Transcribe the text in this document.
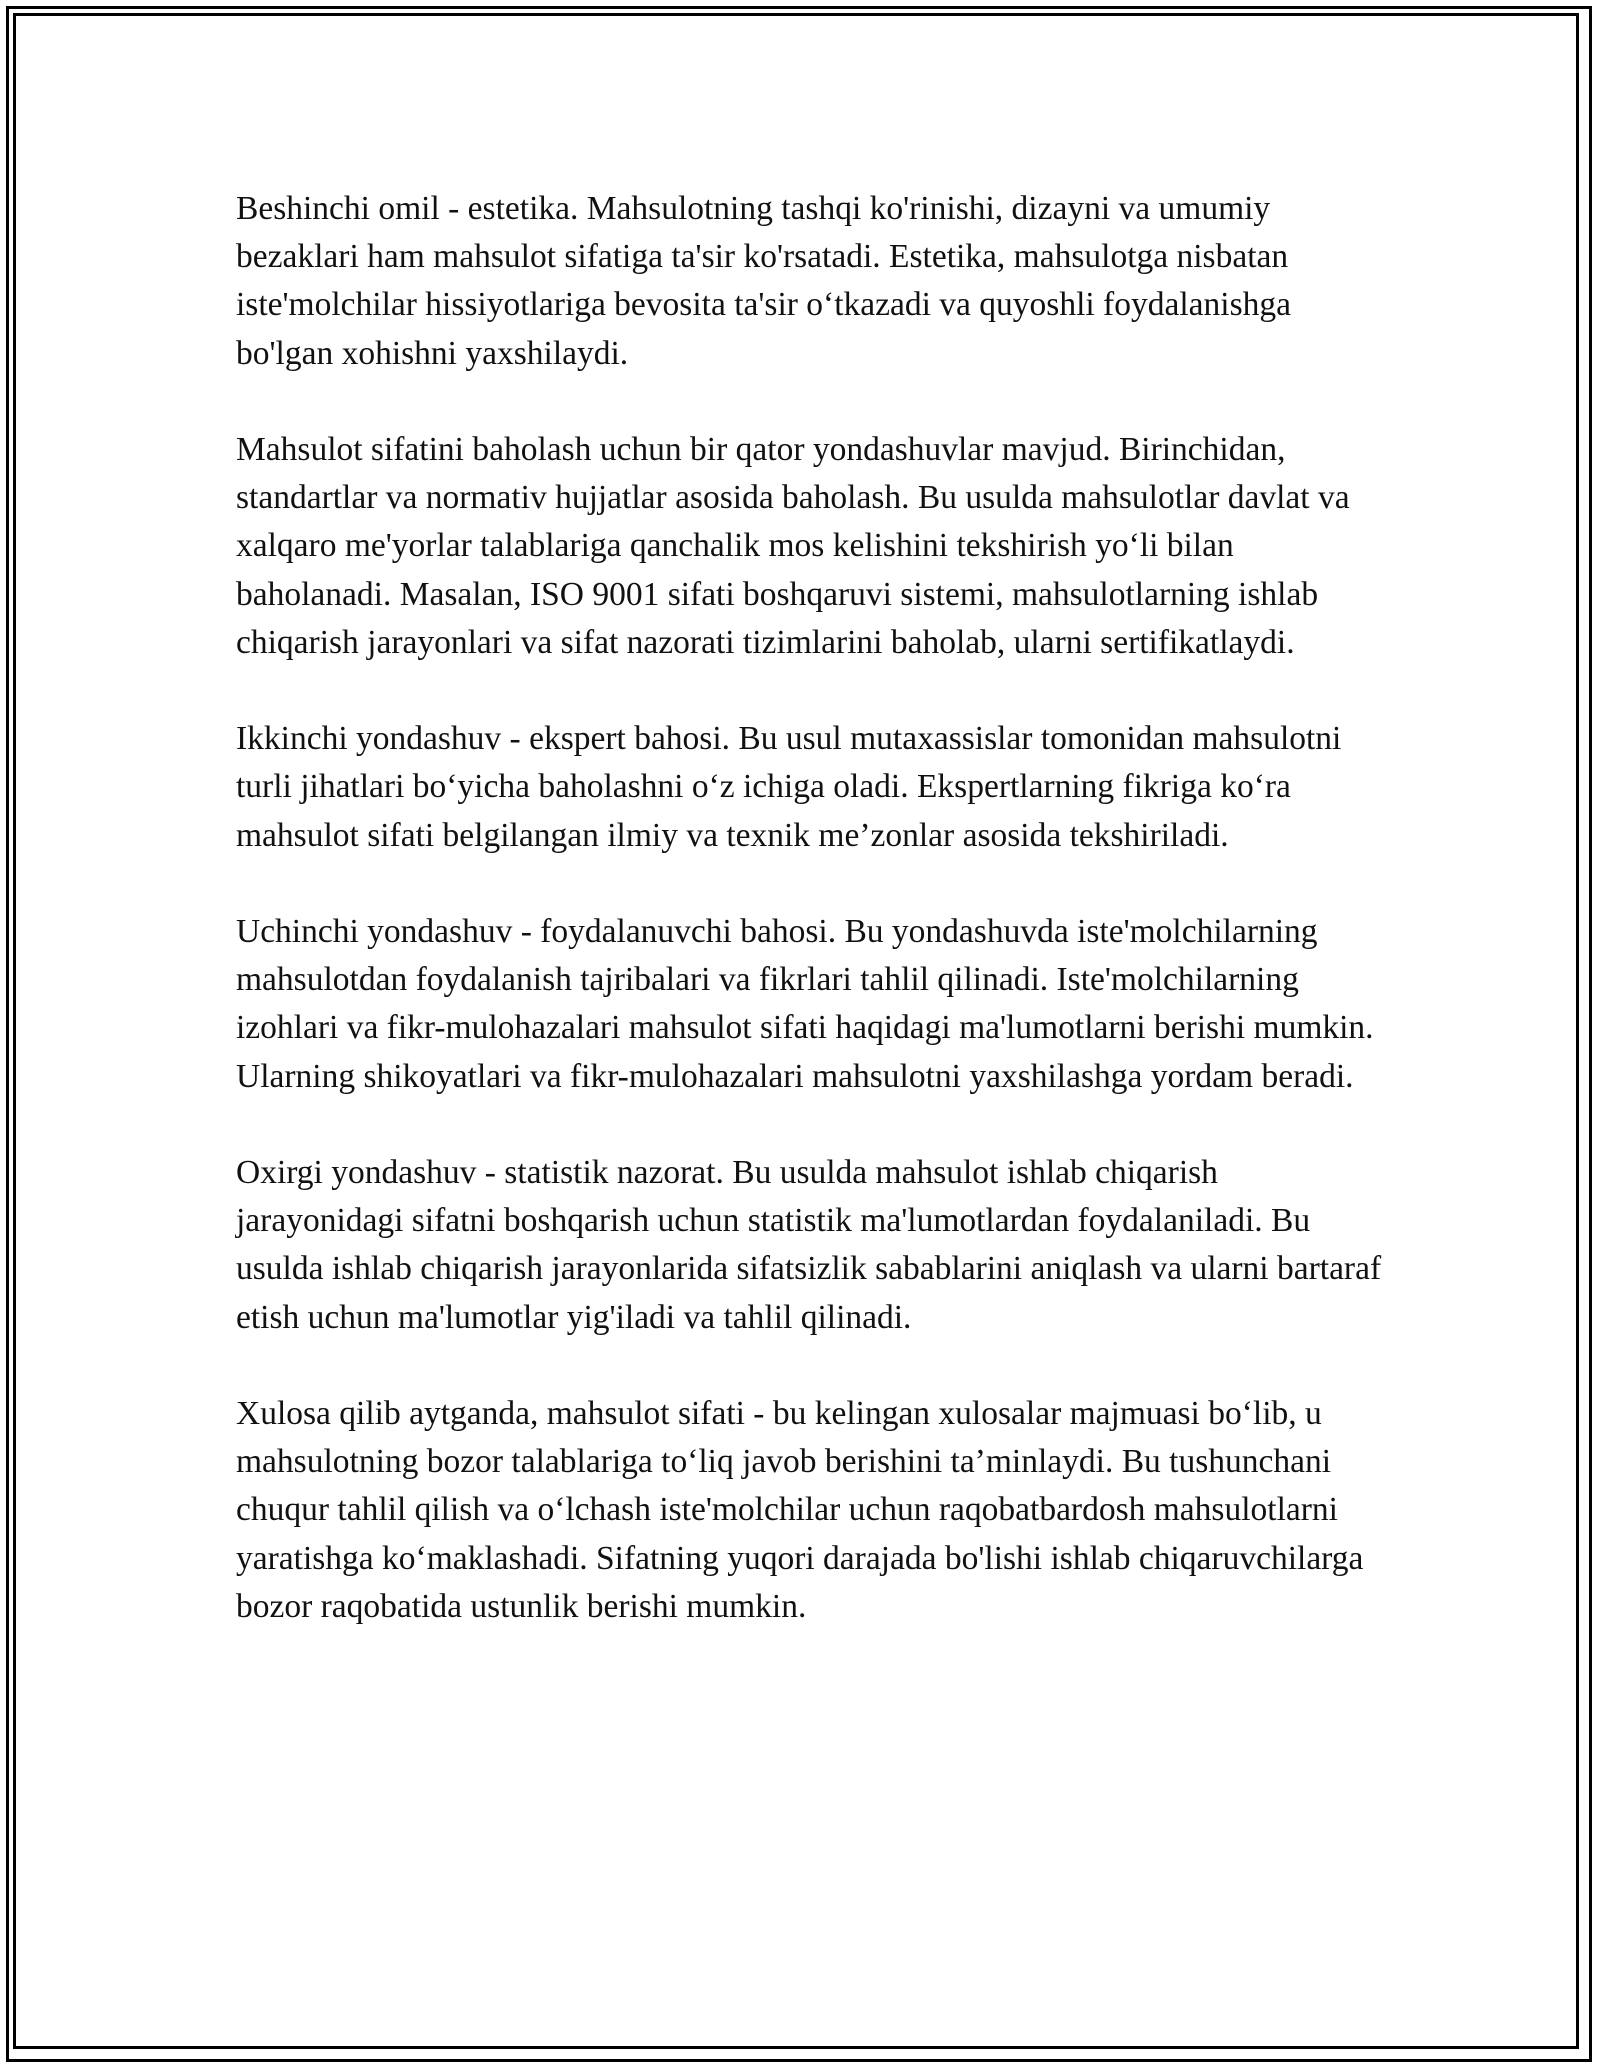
Beshinchi omil - estetika. Mahsulotning tashqi ko'rinishi, dizayni va umumiy bezaklari ham mahsulot sifatiga ta'sir ko'rsatadi. Estetika, mahsulotga nisbatan iste'molchilar hissiyotlariga bevosita ta'sir o‘tkazadi va quyoshli foydalanishga bo'lgan xohishni yaxshilaydi.

Mahsulot sifatini baholash uchun bir qator yondashuvlar mavjud. Birinchidan, standartlar va normativ hujjatlar asosida baholash. Bu usulda mahsulotlar davlat va xalqaro me'yorlar talablariga qanchalik mos kelishini tekshirish yo‘li bilan baholanadi. Masalan, ISO 9001 sifati boshqaruvi sistemi, mahsulotlarning ishlab chiqarish jarayonlari va sifat nazorati tizimlarini baholab, ularni sertifikatlaydi.

Ikkinchi yondashuv - ekspert bahosi. Bu usul mutaxassislar tomonidan mahsulotni turli jihatlari bo‘yicha baholashni o‘z ichiga oladi. Ekspertlarning fikriga ko‘ra mahsulot sifati belgilangan ilmiy va texnik me’zonlar asosida tekshiriladi.

Uchinchi yondashuv - foydalanuvchi bahosi. Bu yondashuvda iste'molchilarning mahsulotdan foydalanish tajribalari va fikrlari tahlil qilinadi. Iste'molchilarning izohlari va fikr-mulohazalari mahsulot sifati haqidagi ma'lumotlarni berishi mumkin. Ularning shikoyatlari va fikr-mulohazalari mahsulotni yaxshilashga yordam beradi.

Oxirgi yondashuv - statistik nazorat. Bu usulda mahsulot ishlab chiqarish jarayonidagi sifatni boshqarish uchun statistik ma'lumotlardan foydalaniladi. Bu usulda ishlab chiqarish jarayonlarida sifatsizlik sabablarini aniqlash va ularni bartaraf etish uchun ma'lumotlar yig'iladi va tahlil qilinadi.

Xulosa qilib aytganda, mahsulot sifati - bu kelingan xulosalar majmuasi bo‘lib, u mahsulotning bozor talablariga to‘liq javob berishini ta’minlaydi. Bu tushunchani chuqur tahlil qilish va o‘lchash iste'molchilar uchun raqobatbardosh mahsulotlarni yaratishga ko‘maklashadi. Sifatning yuqori darajada bo'lishi ishlab chiqaruvchilarga bozor raqobatida ustunlik berishi mumkin.
